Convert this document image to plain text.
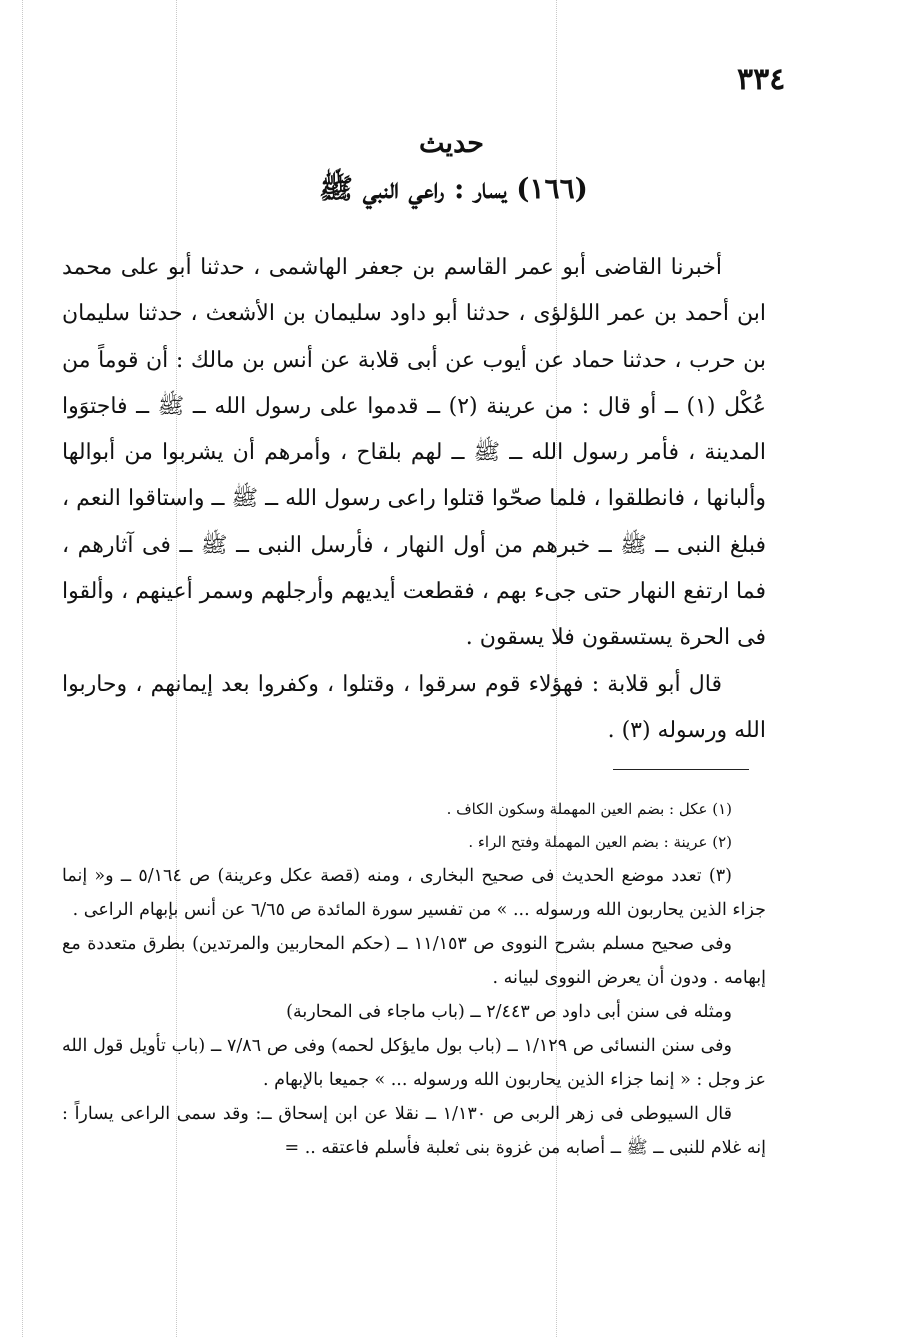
٣٣٤
حديث
(١٦٦) يسار : راعي النبي ﷺ

أخبرنا القاضى أبو عمر القاسم بن جعفر الهاشمى ، حدثنا أبو على محمد ابن أحمد بن عمر اللؤلؤى ، حدثنا أبو داود سليمان بن الأشعث ، حدثنا سليمان بن حرب ، حدثنا حماد عن أيوب عن أبى قلابة عن أنس بن مالك : أن قوماً من عُكْل (١) ــ أو قال : من عرينة (٢) ــ قدموا على رسول الله ــ ﷺ ــ فاجتوَوا المدينة ، فأمر رسول الله ــ ﷺ ــ لهم بلقاح ، وأمرهم أن يشربوا من أبوالها وألبانها ، فانطلقوا ، فلما صحّوا قتلوا راعى رسول الله ــ ﷺ ــ واستاقوا النعم ، فبلغ النبى ــ ﷺ ــ خبرهم من أول النهار ، فأرسل النبى ــ ﷺ ــ فى آثارهم ، فما ارتفع النهار حتى جىء بهم ، فقطعت أيديهم وأرجلهم وسمر أعينهم ، وألقوا فى الحرة يستسقون فلا يسقون .

قال أبو قلابة : فهؤلاء قوم سرقوا ، وقتلوا ، وكفروا بعد إيمانهم ، وحاربوا الله ورسوله (٣) .

(١) عكل : بضم العين المهملة وسكون الكاف .

(٢) عرينة : بضم العين المهملة وفتح الراء .

(٣) تعدد موضع الحديث فى صحيح البخارى ، ومنه (قصة عكل وعرينة) ص ٥/١٦٤ ــ و« إنما جزاء الذين يحاربون الله ورسوله ... » من تفسير سورة المائدة ص ٦/٦٥ عن أنس بإبهام الراعى .

وفى صحيح مسلم بشرح النووى ص ١١/١٥٣ ــ (حكم المحاربين والمرتدين) بطرق متعددة مع إبهامه . ودون أن يعرض النووى لبيانه .

ومثله فى سنن أبى داود ص ٢/٤٤٣ ــ (باب ماجاء فى المحاربة)

وفى سنن النسائى ص ١/١٢٩ ــ (باب بول مايؤكل لحمه) وفى ص ٧/٨٦ ــ (باب تأويل قول الله عز وجل : « إنما جزاء الذين يحاربون الله ورسوله ... » جميعا بالإبهام .

قال السيوطى فى زهر الربى ص ١/١٣٠ ــ نقلا عن ابن إسحاق ــ: وقد سمى الراعى يساراً : إنه غلام للنبى ــ ﷺ ــ أصابه من غزوة بنى ثعلبة فأسلم فاعتقه .. =
